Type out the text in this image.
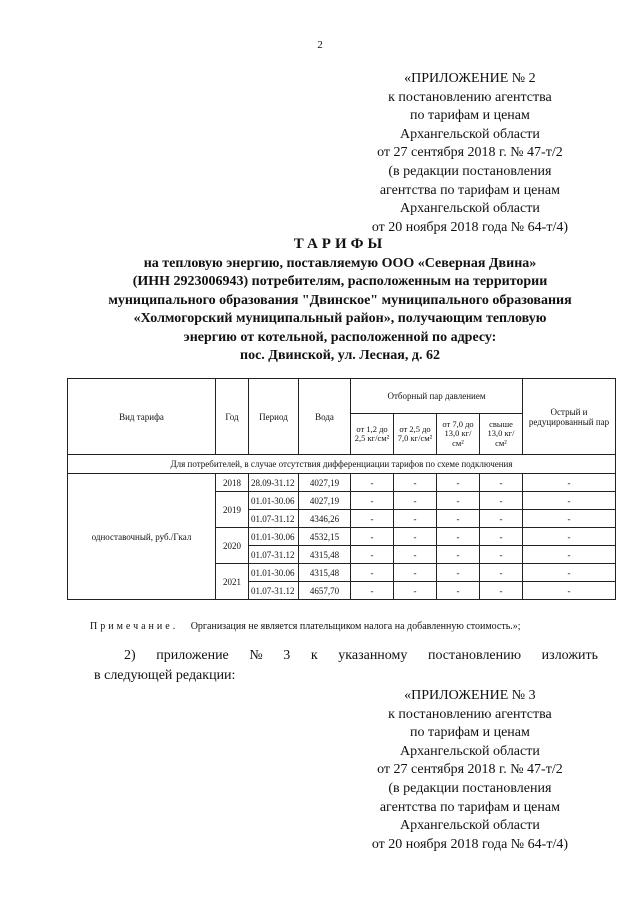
2
«ПРИЛОЖЕНИЕ № 2
к постановлению агентства
по тарифам и ценам
Архангельской области
от 27 сентября 2018 г. № 47-т/2
(в редакции постановления
агентства по тарифам и ценам
Архангельской области
от 20 ноября 2018 года № 64-т/4)
ТАРИФЫ
на тепловую энергию, поставляемую ООО «Северная Двина»
(ИНН 2923006943) потребителям, расположенным на территории
муниципального образования "Двинское" муниципального образования
«Холмогорский муниципальный район», получающим тепловую
энергию от котельной, расположенной по адресу:
пос. Двинской, ул. Лесная, д. 62
Вид тарифа	Год	Период	Вода	Отборный пар давлением				Острый и редуцированный пар
				от 1,2 до 2,5 кг/см²	от 2,5 до 7,0 кг/см²	от 7,0 до 13,0 кг/см²	свыше 13,0 кг/см²	
Для потребителей, в случае отсутствия дифференциации тарифов по схеме подключения								
одноставочный, руб./Гкал	2018	28.09-31.12	4027,19	-	-	-	-	-
	2019	01.01-30.06	4027,19	-	-	-	-	-
		01.07-31.12	4346,26	-	-	-	-	-
	2020	01.01-30.06	4532,15	-	-	-	-	-
		01.07-31.12	4315,48	-	-	-	-	-
	2021	01.01-30.06	4315,48	-	-	-	-	-
		01.07-31.12	4657,70	-	-	-	-	-
Примечание. Организация не является плательщиком налога на добавленную стоимость.»;
2) приложение № 3 к указанному постановлению изложить
в следующей редакции:
«ПРИЛОЖЕНИЕ № 3
к постановлению агентства
по тарифам и ценам
Архангельской области
от 27 сентября 2018 г. № 47-т/2
(в редакции постановления
агентства по тарифам и ценам
Архангельской области
от 20 ноября 2018 года № 64-т/4)
